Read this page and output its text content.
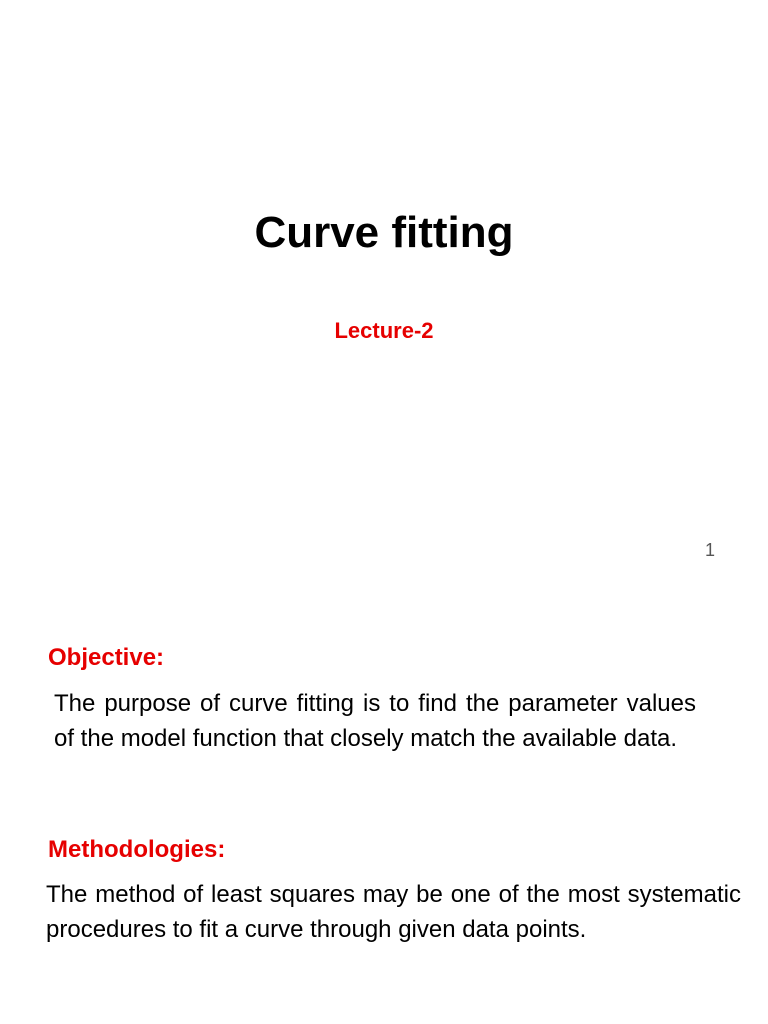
Curve fitting
Lecture-2
1
Objective:

The purpose of curve fitting is to find the parameter values of the model function that closely match the available data.

Methodologies:

The method of least squares may be one of the most systematic procedures to fit a curve through given data points.
